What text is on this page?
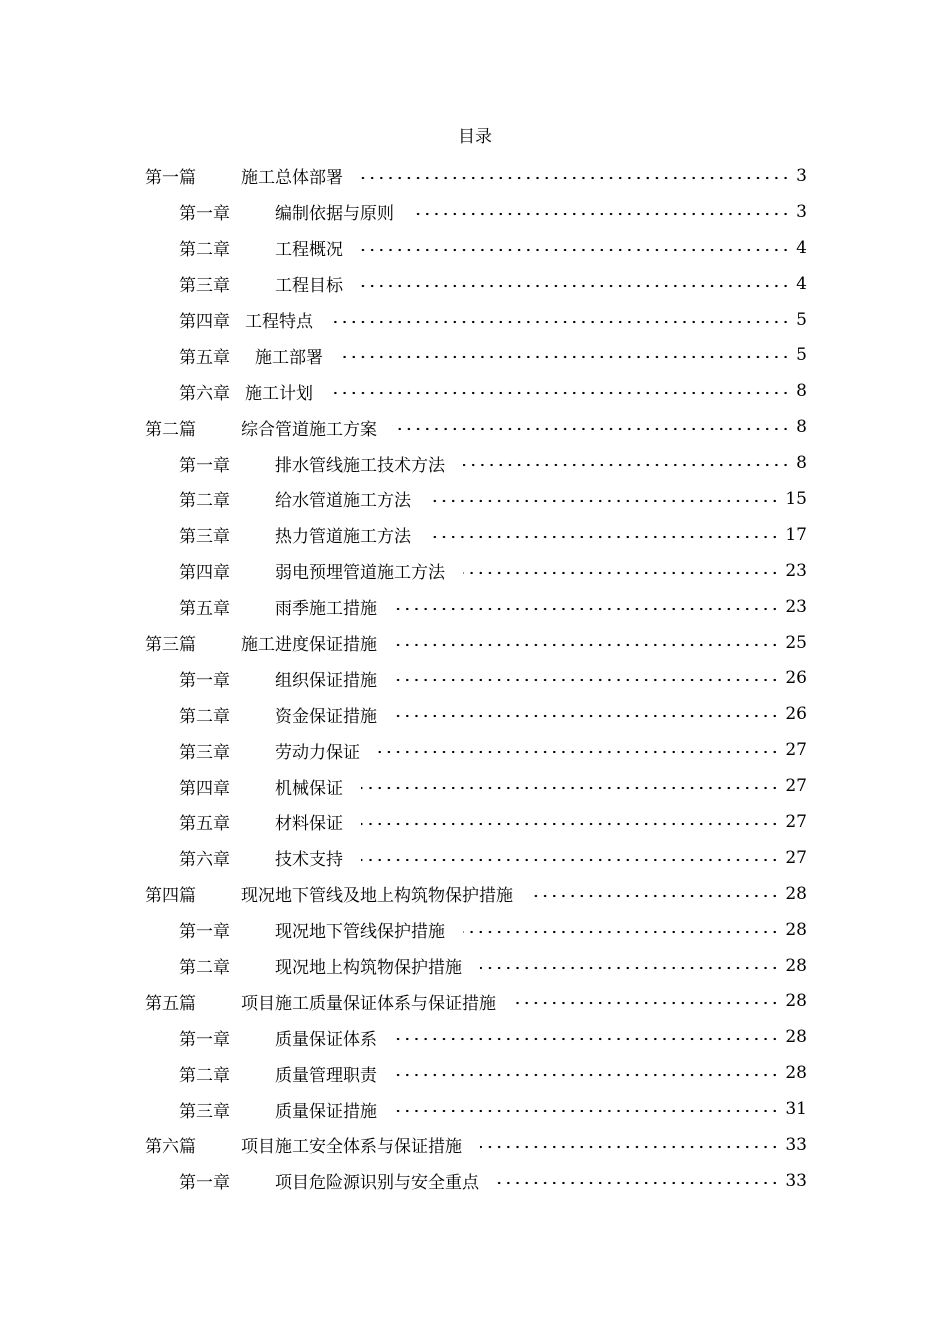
目录
第一篇	施工总体部署	3
第一章	编制依据与原则	3
第二章	工程概况	4
第三章	工程目标	4
第四章 工程特点	5
第五章 施工部署	5
第六章 施工计划	8
第二篇	综合管道施工方案	8
第一章	排水管线施工技术方法	8
第二章	给水管道施工方法	15
第三章	热力管道施工方法	17
第四章	弱电预埋管道施工方法	23
第五章	雨季施工措施	23
第三篇	施工进度保证措施	25
第一章	组织保证措施	26
第二章	资金保证措施	26
第三章	劳动力保证	27
第四章	机械保证	27
第五章	材料保证	27
第六章	技术支持	27
第四篇	现况地下管线及地上构筑物保护措施	28
第一章	现况地下管线保护措施	28
第二章	现况地上构筑物保护措施	28
第五篇	项目施工质量保证体系与保证措施	28
第一章	质量保证体系	28
第二章	质量管理职责	28
第三章	质量保证措施	31
第六篇	项目施工安全体系与保证措施	33
第一章	项目危险源识别与安全重点	33
